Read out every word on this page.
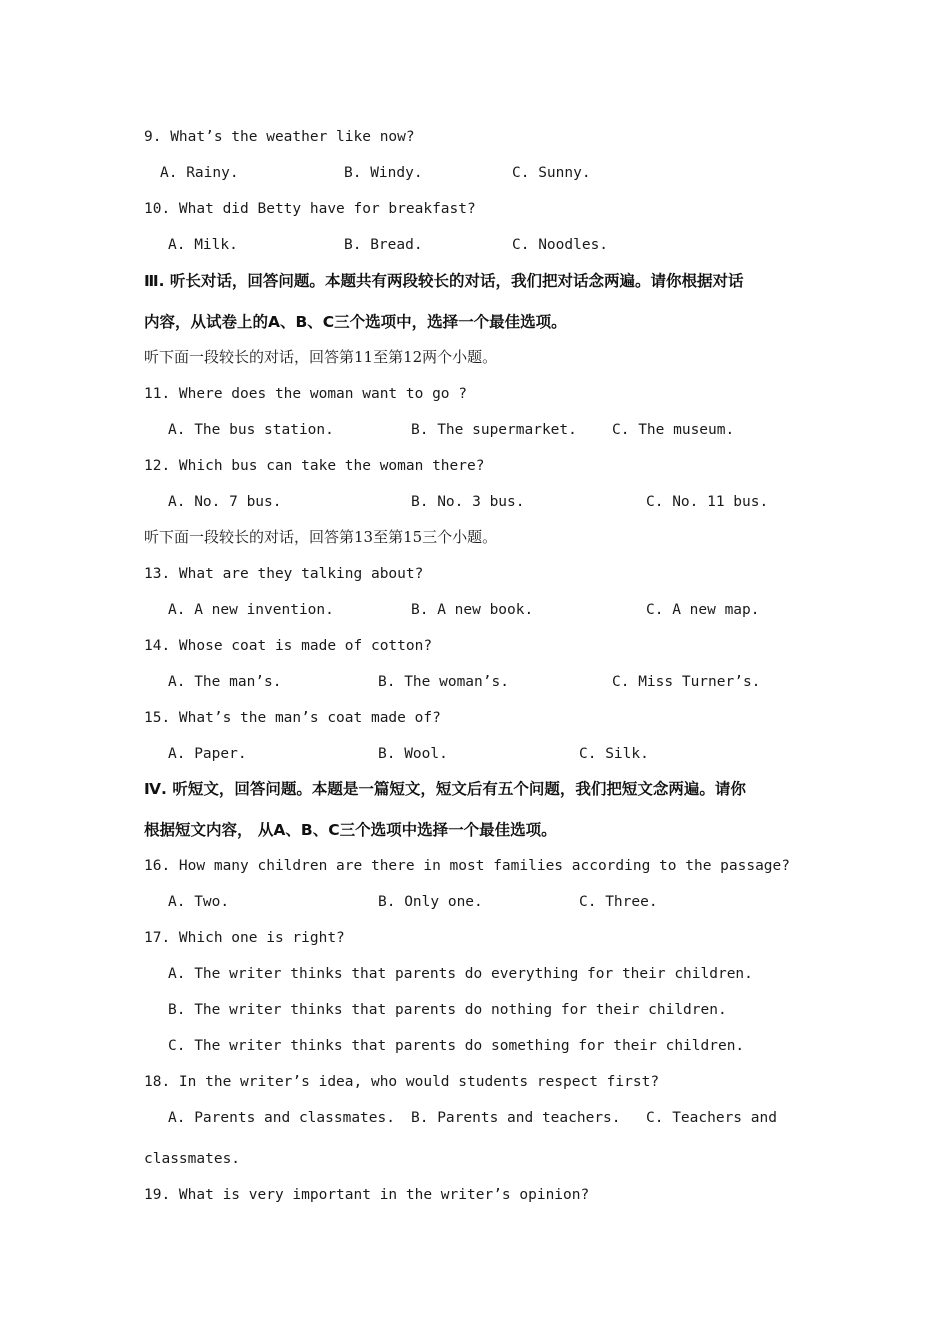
9. What’s the weather like now?
A. Rainy.	B. Windy.	C. Sunny.
10. What did Betty have for breakfast?
A. Milk.	B. Bread.	C. Noodles.
Ⅲ. 听长对话，回答问题。本题共有两段较长的对话，我们把对话念两遍。请你根据对话
内容，从试卷上的A、B、C三个选项中，选择一个最佳选项。
听下面一段较长的对话，回答第11至第12两个小题。
11. Where does the woman want to go ?
A. The bus station.	B. The supermarket. C. The museum.
12. Which bus can take the woman there?
A. No. 7 bus.	B. No. 3 bus.	C. No. 11 bus.
听下面一段较长的对话，回答第13至第15三个小题。
13. What are they talking about?
A. A new invention.	B. A new book.	C. A new map.
14. Whose coat is made of cotton?
A. The man’s.	B. The woman’s.	C. Miss Turner’s.
15. What’s the man’s coat made of?
A. Paper.	B. Wool.	C. Silk.
Ⅳ. 听短文，回答问题。本题是一篇短文，短文后有五个问题，我们把短文念两遍。请你
根据短文内容， 从A、B、C三个选项中选择一个最佳选项。
16. How many children are there in most families according to the passage?
A. Two.	B. Only one.	C. Three.
17. Which one is right?
A. The writer thinks that parents do everything for their children.
B. The writer thinks that parents do nothing for their children.
C. The writer thinks that parents do something for their children.
18. In the writer’s idea, who would students respect first?
A. Parents and classmates. B. Parents and teachers. C. Teachers and
classmates.
19. What is very important in the writer’s opinion?
